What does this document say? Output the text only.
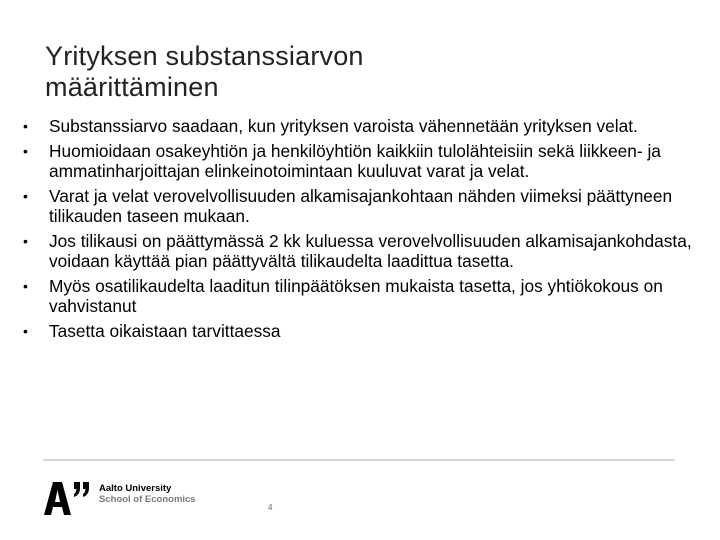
Yrityksen substanssiarvon
määrittäminen
• Substanssiarvo saadaan, kun yrityksen varoista vähennetään yrityksen velat.
• Huomioidaan osakeyhtiön ja henkilöyhtiön kaikkiin tulolähteisiin sekä liikkeen- ja ammatinharjoittajan elinkeinotoimintaan kuuluvat varat ja velat.
• Varat ja velat verovelvollisuuden alkamisajankohtaan nähden viimeksi päättyneen tilikauden taseen mukaan.
• Jos tilikausi on päättymässä 2 kk kuluessa verovelvollisuuden alkamisajankohdasta, voidaan käyttää pian päättyvältä tilikaudelta laadittua tasetta.
• Myös osatilikaudelta laaditun tilinpäätöksen mukaista tasetta, jos yhtiökokous on vahvistanut
• Tasetta oikaistaan tarvittaessa
Aalto University
School of Economics
4
